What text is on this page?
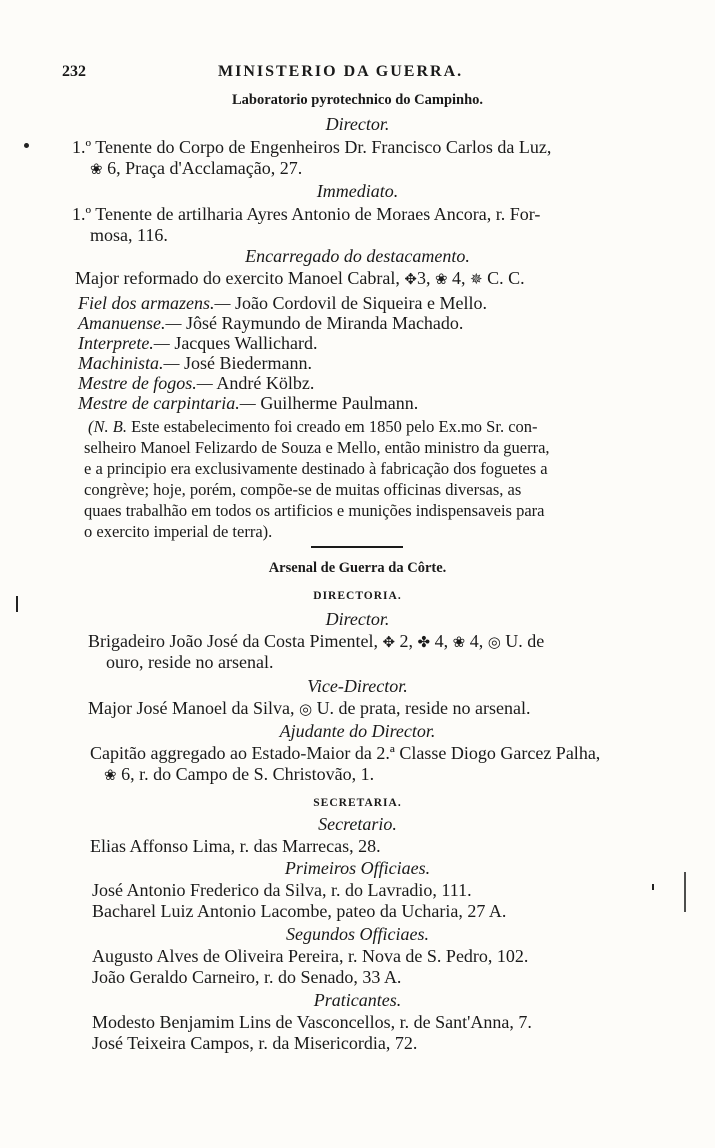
232	MINISTERIO DA GUERRA.
Laboratorio pyrotechnico do Campinho.
Director.
1.º Tenente do Corpo de Engenheiros Dr. Francisco Carlos da Luz,
❀ 6, Praça d'Acclamação, 27.
Immediato.
1.º Tenente de artilharia Ayres Antonio de Moraes Ancora, r. For-
mosa, 116.
Encarregado do destacamento.
Major reformado do exercito Manoel Cabral, ✥3, ❀ 4, ✵ C. C.
Fiel dos armazens.— João Cordovil de Siqueira e Mello.
Amanuense.— Jôsé Raymundo de Miranda Machado.
Interprete.— Jacques Wallichard.
Machinista.— José Biedermann.
Mestre de fogos.— André Kölbz.
Mestre de carpintaria.— Guilherme Paulmann.
(N. B. Este estabelecimento foi creado em 1850 pelo Ex.mo Sr. con-
selheiro Manoel Felizardo de Souza e Mello, então ministro da guerra,
e a principio era exclusivamente destinado à fabricação dos foguetes a
congrève; hoje, porém, compõe-se de muitas officinas diversas, as
quaes trabalhão em todos os artificios e munições indispensaveis para
o exercito imperial de terra).
Arsenal de Guerra da Côrte.
DIRECTORIA.
Director.
Brigadeiro João José da Costa Pimentel, ✥ 2, ✤ 4, ❀ 4, ◎ U. de
ouro, reside no arsenal.
Vice-Director.
Major José Manoel da Silva, ◎ U. de prata, reside no arsenal.
Ajudante do Director.
Capitão aggregado ao Estado-Maior da 2.ª Classe Diogo Garcez Palha,
❀ 6, r. do Campo de S. Christovão, 1.
SECRETARIA.
Secretario.
Elias Affonso Lima, r. das Marrecas, 28.
Primeiros Officiaes.
José Antonio Frederico da Silva, r. do Lavradio, 111.
Bacharel Luiz Antonio Lacombe, pateo da Ucharia, 27 A.
Segundos Officiaes.
Augusto Alves de Oliveira Pereira, r. Nova de S. Pedro, 102.
João Geraldo Carneiro, r. do Senado, 33 A.
Praticantes.
Modesto Benjamim Lins de Vasconcellos, r. de Sant'Anna, 7.
José Teixeira Campos, r. da Misericordia, 72.
